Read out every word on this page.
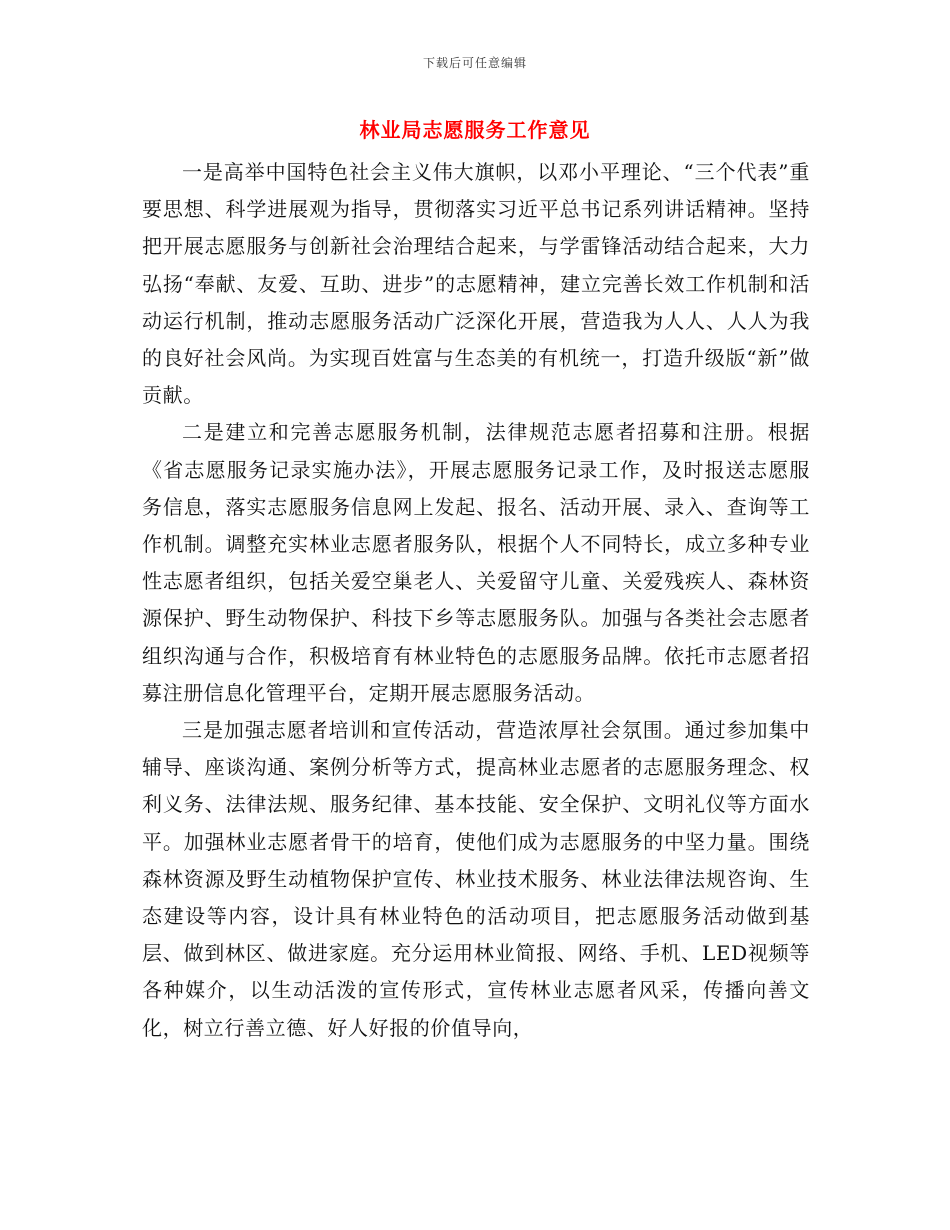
下载后可任意编辑
林业局志愿服务工作意见

一是高举中国特色社会主义伟大旗帜，以邓小平理论、“三个代表”重要思想、科学进展观为指导，贯彻落实习近平总书记系列讲话精神。坚持把开展志愿服务与创新社会治理结合起来，与学雷锋活动结合起来，大力弘扬“奉献、友爱、互助、进步”的志愿精神，建立完善长效工作机制和活动运行机制，推动志愿服务活动广泛深化开展，营造我为人人、人人为我的良好社会风尚。为实现百姓富与生态美的有机统一，打造升级版“新”做贡献。

二是建立和完善志愿服务机制，法律规范志愿者招募和注册。根据《省志愿服务记录实施办法》，开展志愿服务记录工作，及时报送志愿服务信息，落实志愿服务信息网上发起、报名、活动开展、录入、查询等工作机制。调整充实林业志愿者服务队，根据个人不同特长，成立多种专业性志愿者组织，包括关爱空巢老人、关爱留守儿童、关爱残疾人、森林资源保护、野生动物保护、科技下乡等志愿服务队。加强与各类社会志愿者组织沟通与合作，积极培育有林业特色的志愿服务品牌。依托市志愿者招募注册信息化管理平台，定期开展志愿服务活动。

三是加强志愿者培训和宣传活动，营造浓厚社会氛围。通过参加集中辅导、座谈沟通、案例分析等方式，提高林业志愿者的志愿服务理念、权利义务、法律法规、服务纪律、基本技能、安全保护、文明礼仪等方面水平。加强林业志愿者骨干的培育，使他们成为志愿服务的中坚力量。围绕森林资源及野生动植物保护宣传、林业技术服务、林业法律法规咨询、生态建设等内容，设计具有林业特色的活动项目，把志愿服务活动做到基层、做到林区、做进家庭。充分运用林业简报、网络、手机、LED视频等各种媒介，以生动活泼的宣传形式，宣传林业志愿者风采，传播向善文化，树立行善立德、好人好报的价值导向，
